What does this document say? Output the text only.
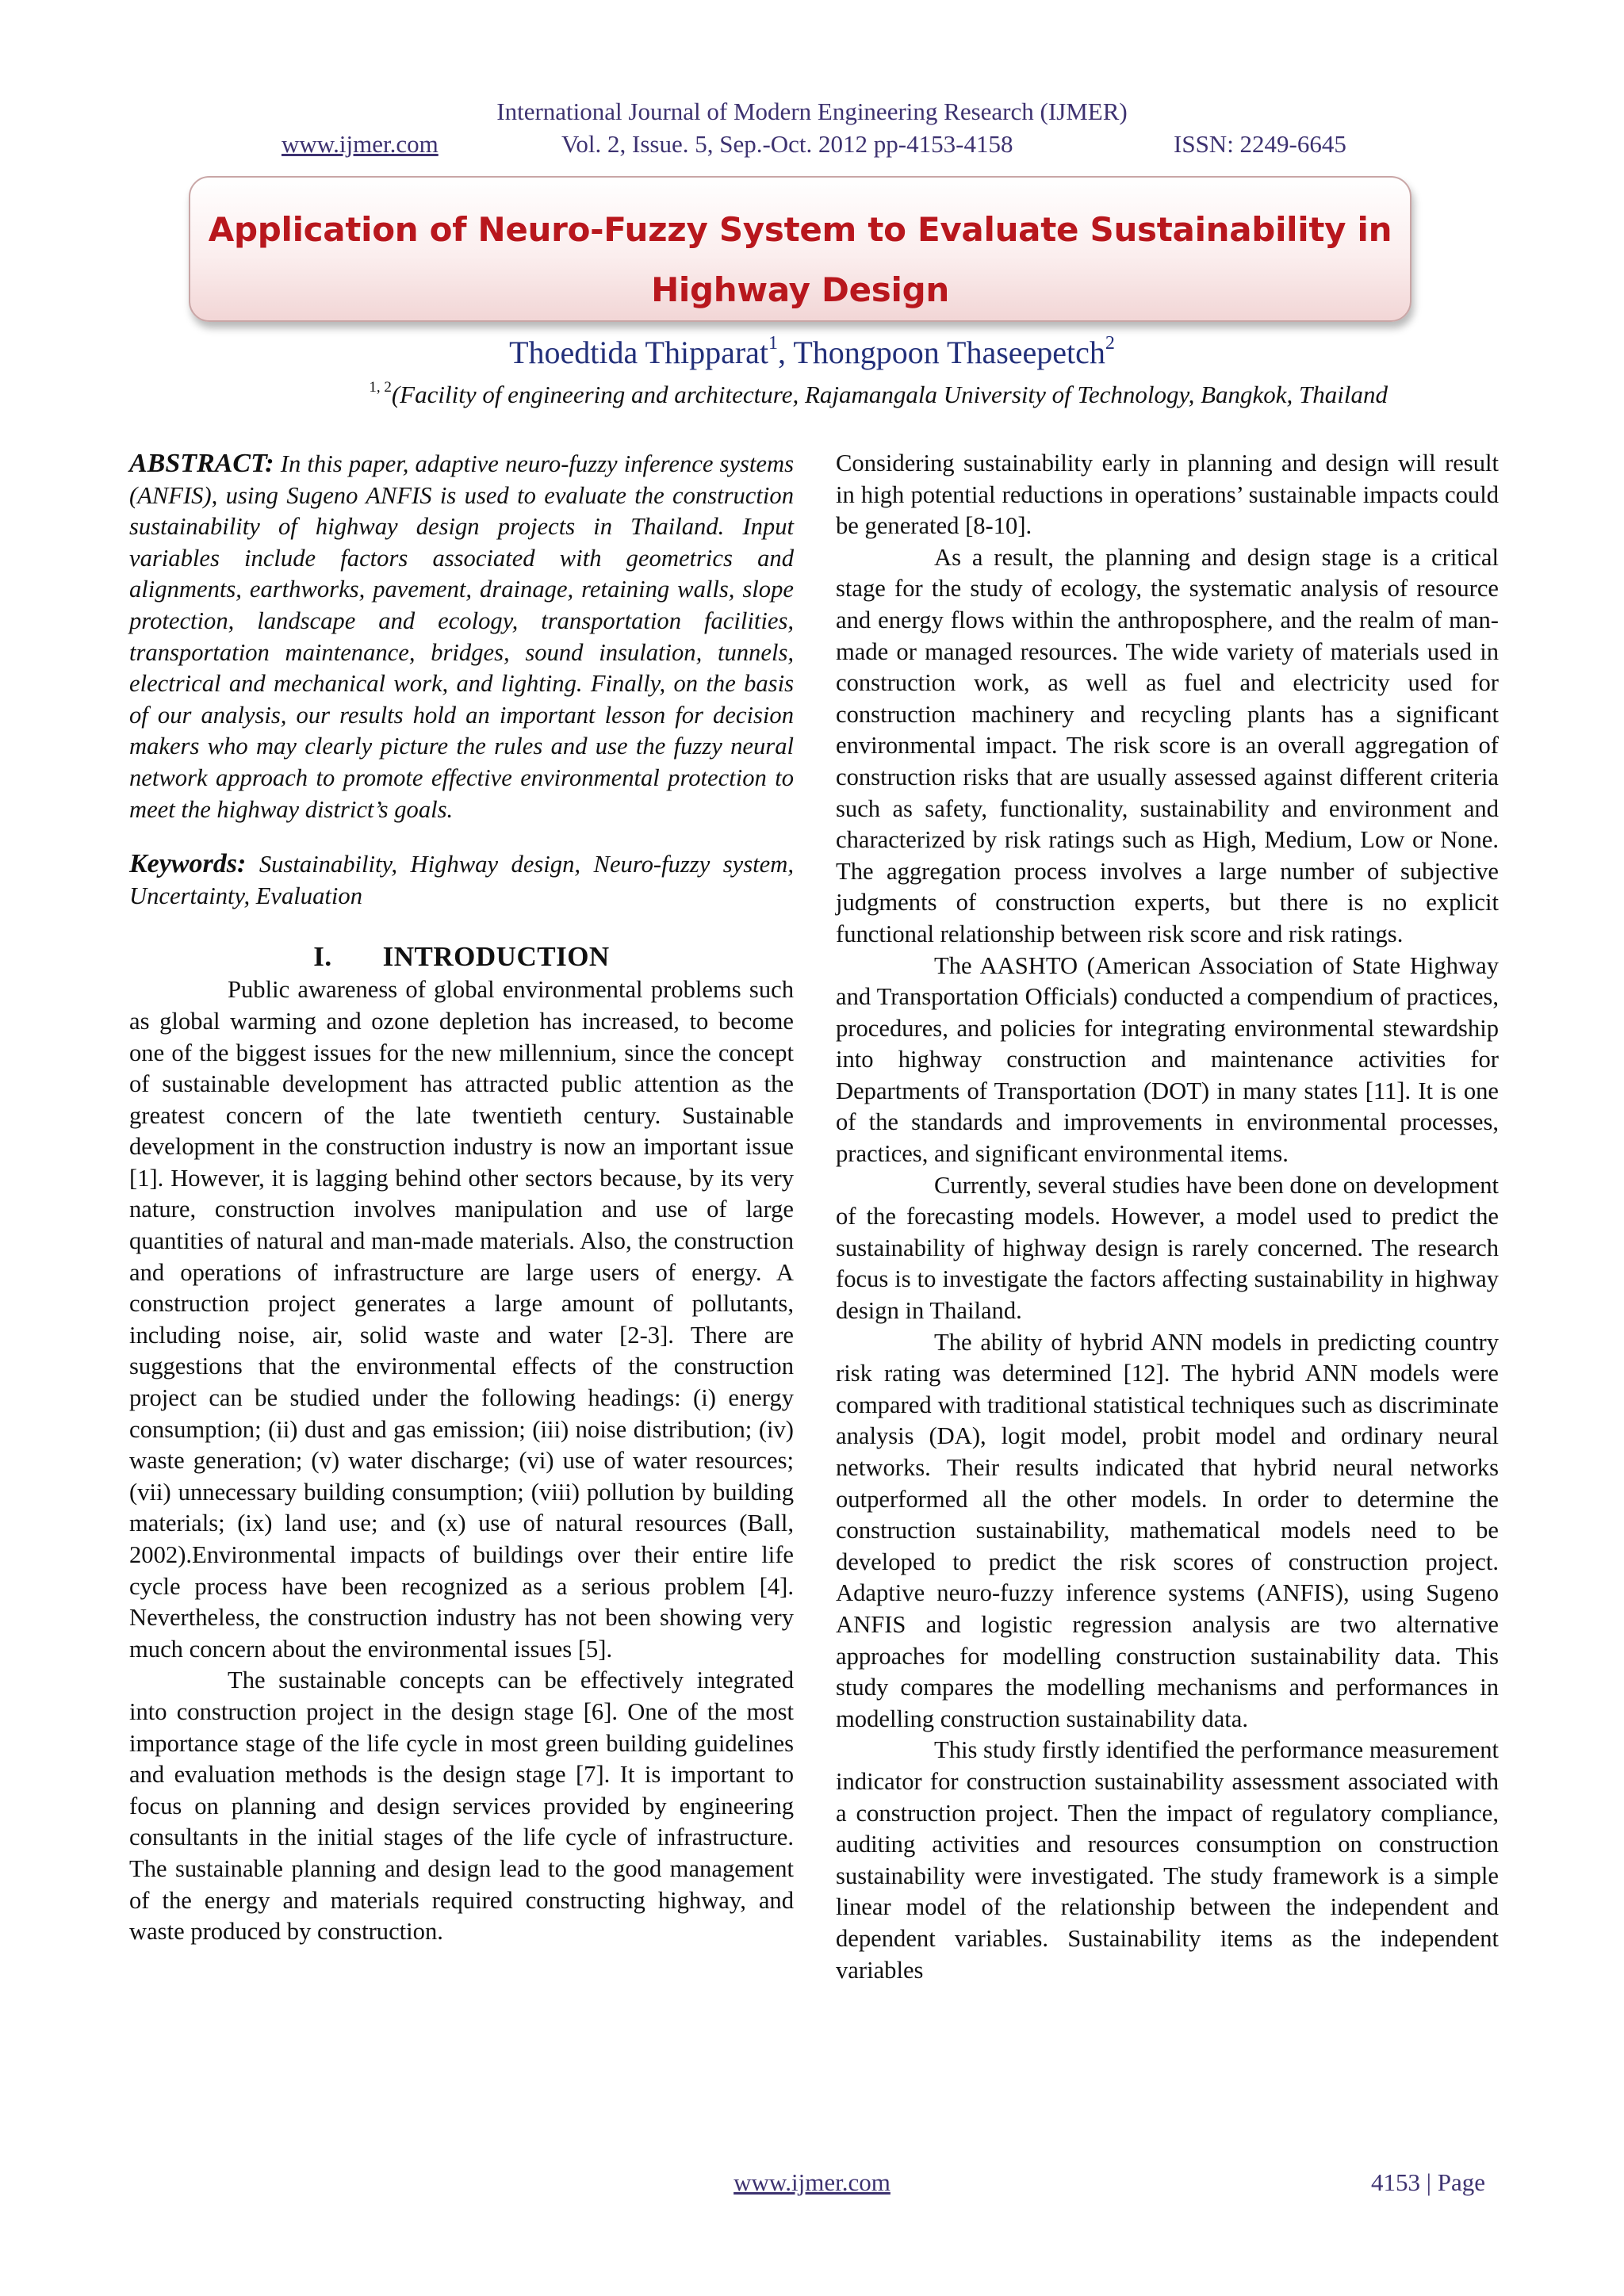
International Journal of Modern Engineering Research (IJMER)
www.ijmer.com	Vol. 2, Issue. 5, Sep.-Oct. 2012 pp-4153-4158	ISSN: 2249-6645
Application of Neuro-Fuzzy System to Evaluate Sustainability in Highway Design
Thoedtida Thipparat$^1$, Thongpoon Thaseepetch$^2$
$^{1, 2}$(Facility of engineering and architecture, Rajamangala University of Technology, Bangkok, Thailand

ABSTRACT: In this paper, adaptive neuro-fuzzy inference systems (ANFIS), using Sugeno ANFIS is used to evaluate the construction sustainability of highway design projects in Thailand. Input variables include factors associated with geometrics and alignments, earthworks, pavement, drainage, retaining walls, slope protection, landscape and ecology, transportation facilities, transportation maintenance, bridges, sound insulation, tunnels, electrical and mechanical work, and lighting. Finally, on the basis of our analysis, our results hold an important lesson for decision makers who may clearly picture the rules and use the fuzzy neural network approach to promote effective environmental protection to meet the highway district’s goals.

Keywords: Sustainability, Highway design, Neuro-fuzzy system, Uncertainty, Evaluation

I. INTRODUCTION

Public awareness of global environmental problems such as global warming and ozone depletion has increased, to become one of the biggest issues for the new millennium, since the concept of sustainable development has attracted public attention as the greatest concern of the late twentieth century. Sustainable development in the construction industry is now an important issue [1]. However, it is lagging behind other sectors because, by its very nature, construction involves manipulation and use of large quantities of natural and man-made materials. Also, the construction and operations of infrastructure are large users of energy. A construction project generates a large amount of pollutants, including noise, air, solid waste and water [2-3]. There are suggestions that the environmental effects of the construction project can be studied under the following headings: (i) energy consumption; (ii) dust and gas emission; (iii) noise distribution; (iv) waste generation; (v) water discharge; (vi) use of water resources; (vii) unnecessary building consumption; (viii) pollution by building materials; (ix) land use; and (x) use of natural resources (Ball, 2002).Environmental impacts of buildings over their entire life cycle process have been recognized as a serious problem [4]. Nevertheless, the construction industry has not been showing very much concern about the environmental issues [5].

The sustainable concepts can be effectively integrated into construction project in the design stage [6]. One of the most importance stage of the life cycle in most green building guidelines and evaluation methods is the design stage [7]. It is important to focus on planning and design services provided by engineering consultants in the initial stages of the life cycle of infrastructure. The sustainable planning and design lead to the good management of the energy and materials required constructing highway, and waste produced by construction.

Considering sustainability early in planning and design will result in high potential reductions in operations’ sustainable impacts could be generated [8-10].

As a result, the planning and design stage is a critical stage for the study of ecology, the systematic analysis of resource and energy flows within the anthroposphere, and the realm of man-made or managed resources. The wide variety of materials used in construction work, as well as fuel and electricity used for construction machinery and recycling plants has a significant environmental impact. The risk score is an overall aggregation of construction risks that are usually assessed against different criteria such as safety, functionality, sustainability and environment and characterized by risk ratings such as High, Medium, Low or None. The aggregation process involves a large number of subjective judgments of construction experts, but there is no explicit functional relationship between risk score and risk ratings.

The AASHTO (American Association of State Highway and Transportation Officials) conducted a compendium of practices, procedures, and policies for integrating environmental stewardship into highway construction and maintenance activities for Departments of Transportation (DOT) in many states [11]. It is one of the standards and improvements in environmental processes, practices, and significant environmental items.

Currently, several studies have been done on development of the forecasting models. However, a model used to predict the sustainability of highway design is rarely concerned. The research focus is to investigate the factors affecting sustainability in highway design in Thailand.

The ability of hybrid ANN models in predicting country risk rating was determined [12]. The hybrid ANN models were compared with traditional statistical techniques such as discriminate analysis (DA), logit model, probit model and ordinary neural networks. Their results indicated that hybrid neural networks outperformed all the other models. In order to determine the construction sustainability, mathematical models need to be developed to predict the risk scores of construction project. Adaptive neuro-fuzzy inference systems (ANFIS), using Sugeno ANFIS and logistic regression analysis are two alternative approaches for modelling construction sustainability data. This study compares the modelling mechanisms and performances in modelling construction sustainability data.

This study firstly identified the performance measurement indicator for construction sustainability assessment associated with a construction project. Then the impact of regulatory compliance, auditing activities and resources consumption on construction sustainability were investigated. The study framework is a simple linear model of the relationship between the independent and dependent variables. Sustainability items as the independent variables

www.ijmer.com	4153 | Page
